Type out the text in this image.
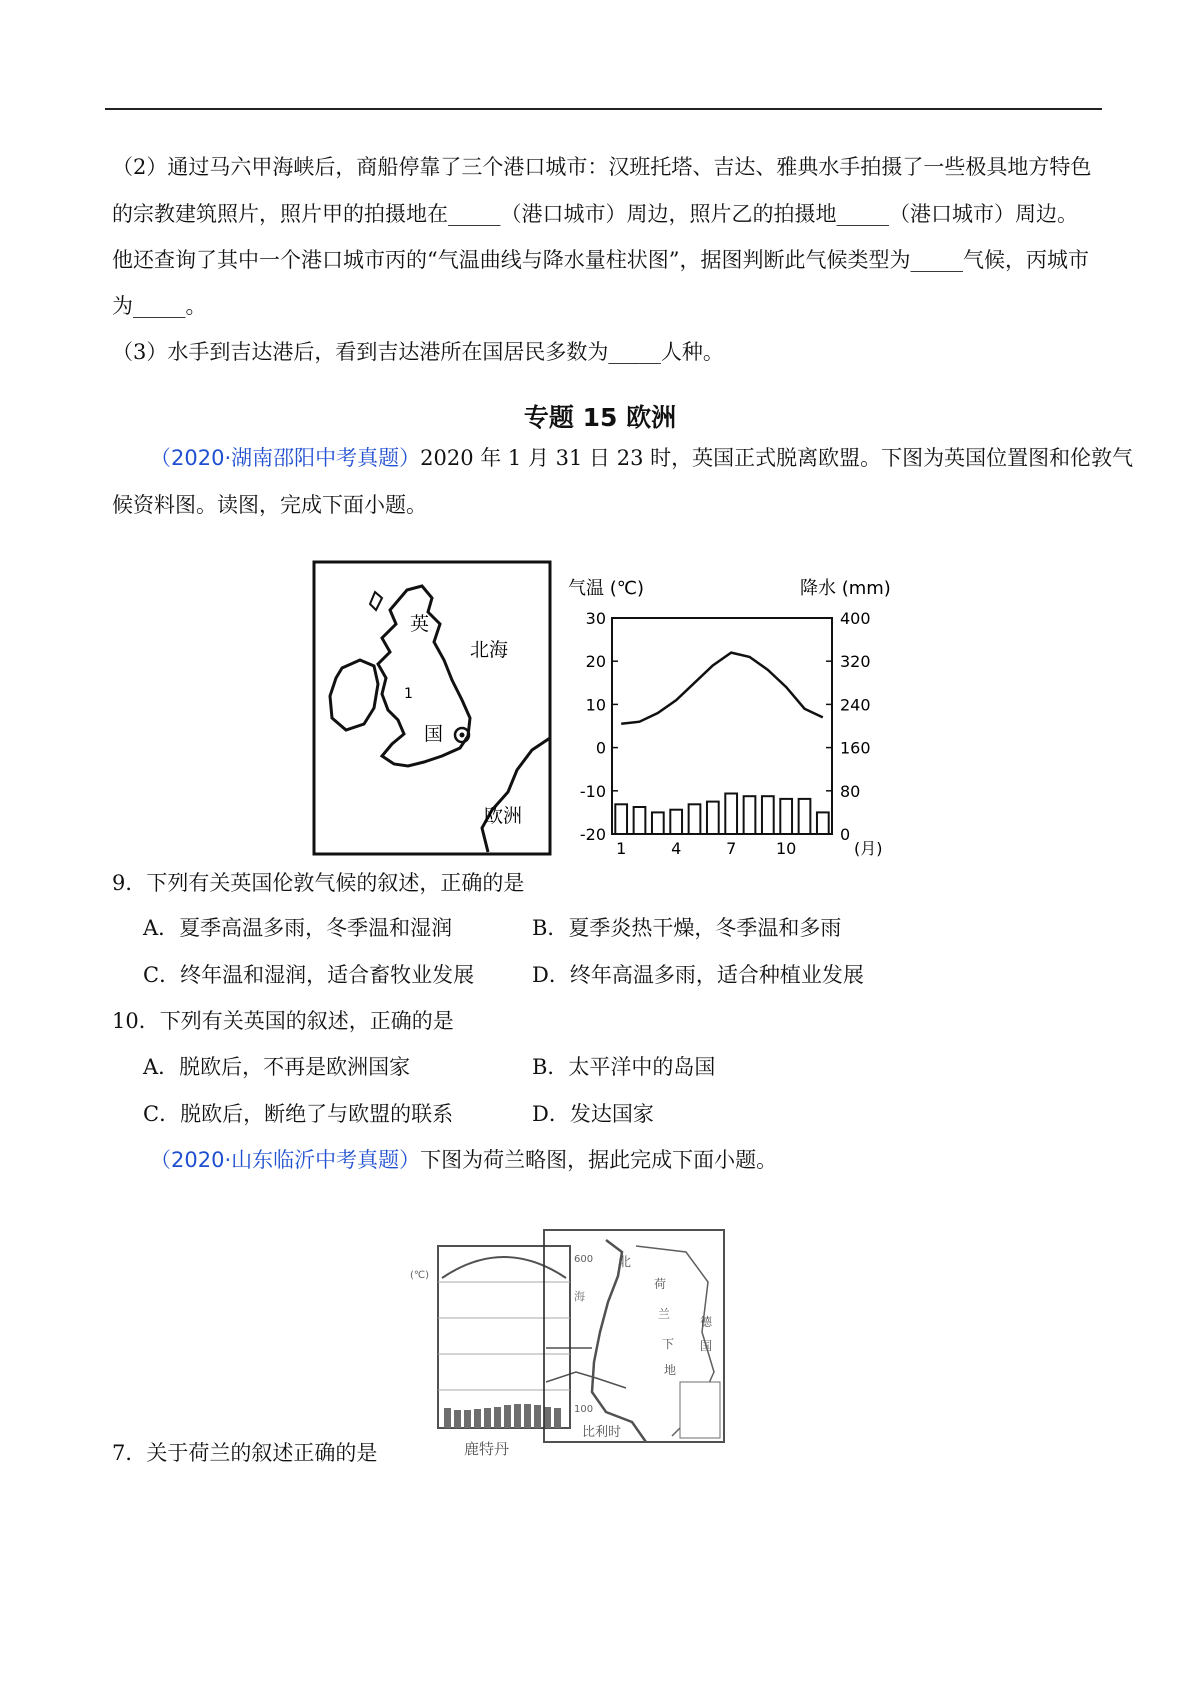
（2）通过马六甲海峡后，商船停靠了三个港口城市：汉班托塔、吉达、雅典水手拍摄了一些极具地方特色
的宗教建筑照片，照片甲的拍摄地在_____（港口城市）周边，照片乙的拍摄地_____（港口城市）周边。
他还查询了其中一个港口城市丙的“气温曲线与降水量柱状图”，据图判断此气候类型为_____气候，丙城市
为_____。
（3）水手到吉达港后，看到吉达港所在国居民多数为_____人种。
专题 15 欧洲
（2020·湖南邵阳中考真题）2020 年 1 月 31 日 23 时，英国正式脱离欧盟。下图为英国位置图和伦敦气
候资料图。读图，完成下面小题。
英
国
北海
欧洲
1
气温 (℃)	降水 (mm)
30
20
10
0
-10
-20
400
320
240
160
80
0
1	4	7 10	(月)
9．下列有关英国伦敦气候的叙述，正确的是
A．夏季高温多雨，冬季温和湿润	B．夏季炎热干燥，冬季温和多雨
C．终年温和湿润，适合畜牧业发展	D．终年高温多雨，适合种植业发展
10．下列有关英国的叙述，正确的是
A．脱欧后，不再是欧洲国家	B．太平洋中的岛国
C．脱欧后，断绝了与欧盟的联系	D．发达国家
（2020·山东临沂中考真题）下图为荷兰略图，据此完成下面小题。
(℃)
600
100
鹿特丹
北
海
荷
兰
下
地
德
国
比利时
7．关于荷兰的叙述正确的是
